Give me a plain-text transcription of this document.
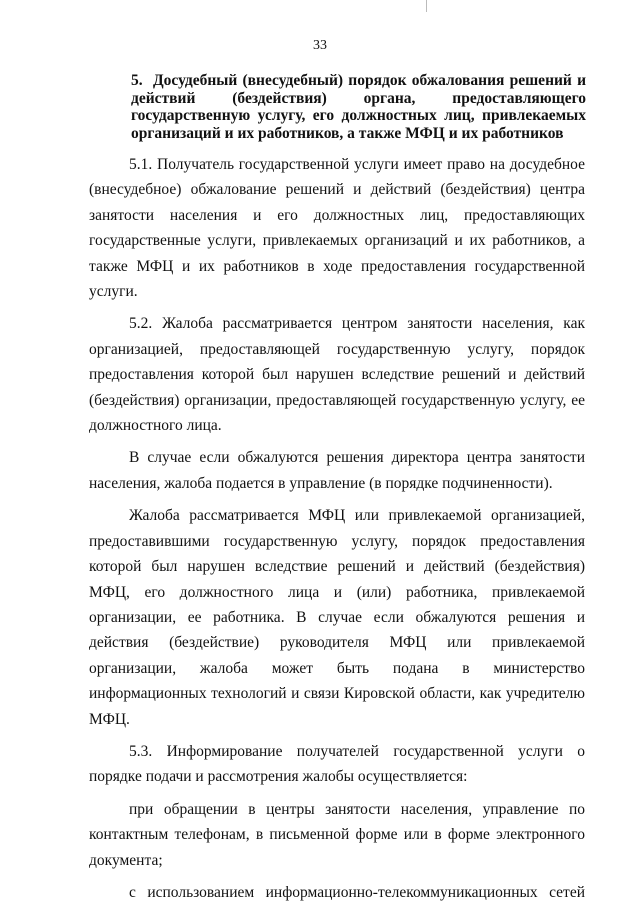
33
5. Досудебный (внесудебный) порядок обжалования решений и действий (бездействия) органа, предоставляющего государственную услугу, его должностных лиц, привлекаемых организаций и их работников, а также МФЦ и их работников

5.1. Получатель государственной услуги имеет право на досудебное (внесудебное) обжалование решений и действий (бездействия) центра занятости населения и его должностных лиц, предоставляющих государственные услуги, привлекаемых организаций и их работников, а также МФЦ и их работников в ходе предоставления государственной услуги.

5.2. Жалоба рассматривается центром занятости населения, как организацией, предоставляющей государственную услугу, порядок предоставления которой был нарушен вследствие решений и действий (бездействия) организации, предоставляющей государственную услугу, ее должностного лица.

В случае если обжалуются решения директора центра занятости населения, жалоба подается в управление (в порядке подчиненности).

Жалоба рассматривается МФЦ или привлекаемой организацией, предоставившими государственную услугу, порядок предоставления которой был нарушен вследствие решений и действий (бездействия) МФЦ, его должностного лица и (или) работника, привлекаемой организации, ее работника. В случае если обжалуются решения и действия (бездействие) руководителя МФЦ или привлекаемой организации, жалоба может быть подана в министерство информационных технологий и связи Кировской области, как учредителю МФЦ.

5.3. Информирование получателей государственной услуги о порядке подачи и рассмотрения жалобы осуществляется:

при обращении в центры занятости населения, управление по контактным телефонам, в письменной форме или в форме электронного документа;

с использованием информационно-телекоммуникационных сетей
